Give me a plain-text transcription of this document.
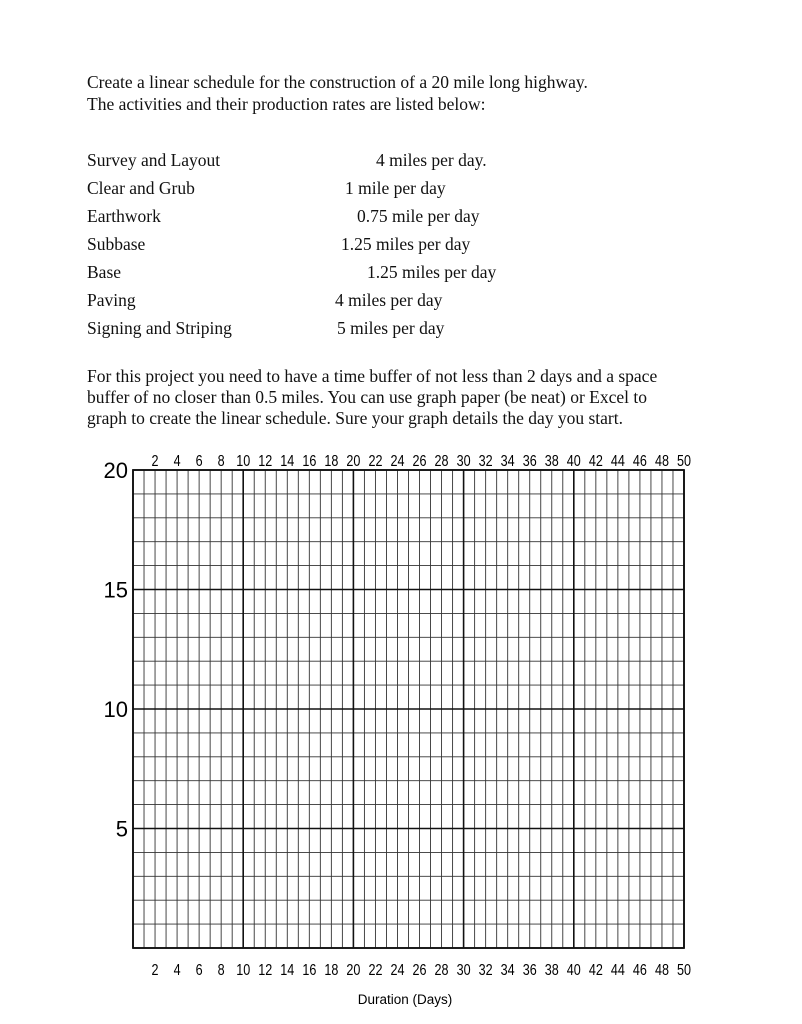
Create a linear schedule for the construction of a 20 mile long highway.

The activities and their production rates are listed below:

Survey and Layout	4 miles per day.
Clear and Grub	1 mile per day
Earthwork	0.75 mile per day
Subbase	1.25 miles per day
Base	1.25 miles per day
Paving	4 miles per day
Signing and Striping	5 miles per day

For this project you need to have a time buffer of not less than 2 days and a space

buffer of no closer than 0.5 miles. You can use graph paper (be neat) or Excel to

graph to create the linear schedule. Sure your graph details the day you start.

2 4 6 8 10 12 14 16 18 20 22 24 26 28 30 32 34 36 38 40 42 44 46 48 50
2 4 6 8 10 12 14 16 18 20 22 24 26 28 30 32 34 36 38 40 42 44 46 48 50
5
10
15
20
Duration (Days)
